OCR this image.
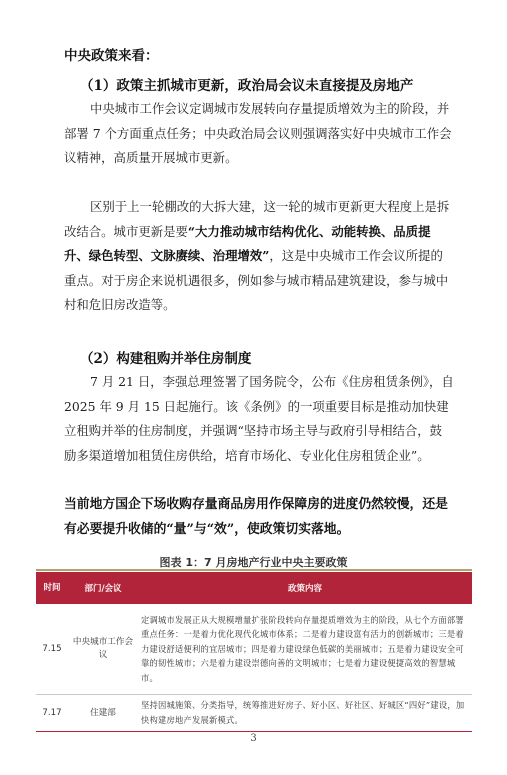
中央政策来看：
（1）政策主抓城市更新，政治局会议未直接提及房地产

中央城市工作会议定调城市发展转向存量提质增效为主的阶段，并部署 7 个方面重点任务；中央政治局会议则强调落实好中央城市工作会议精神，高质量开展城市更新。

区别于上一轮棚改的大拆大建，这一轮的城市更新更大程度上是拆改结合。城市更新是要“大力推动城市结构优化、动能转换、品质提升、绿色转型、文脉赓续、治理增效”，这是中央城市工作会议所提的重点。对于房企来说机遇很多，例如参与城市精品建筑建设，参与城中村和危旧房改造等。

（2）构建租购并举住房制度

7 月 21 日，李强总理签署了国务院令，公布《住房租赁条例》，自 2025 年 9 月 15 日起施行。该《条例》的一项重要目标是推动加快建立租购并举的住房制度，并强调“坚持市场主导与政府引导相结合，鼓励多渠道增加租赁住房供给，培育市场化、专业化住房租赁企业”。

当前地方国企下场收购存量商品房用作保障房的进度仍然较慢，还是有必要提升收储的“量”与“效”，使政策切实落地。

图表 1：7 月房地产行业中央主要政策
时间	部门/会议	政策内容
7.15	中央城市工作会议	定调城市发展正从大规模增量扩张阶段转向存量提质增效为主的阶段，从七个方面部署重点任务：一是着力优化现代化城市体系；二是着力建设富有活力的创新城市；三是着力建设舒适便利的宜居城市；四是着力建设绿色低碳的美丽城市；五是着力建设安全可靠的韧性城市；六是着力建设崇德向善的文明城市；七是着力建设便捷高效的智慧城市。
7.17	住建部	坚持因城施策、分类指导，统筹推进好房子、好小区、好社区、好城区“四好”建设，加快构建房地产发展新模式。
3
